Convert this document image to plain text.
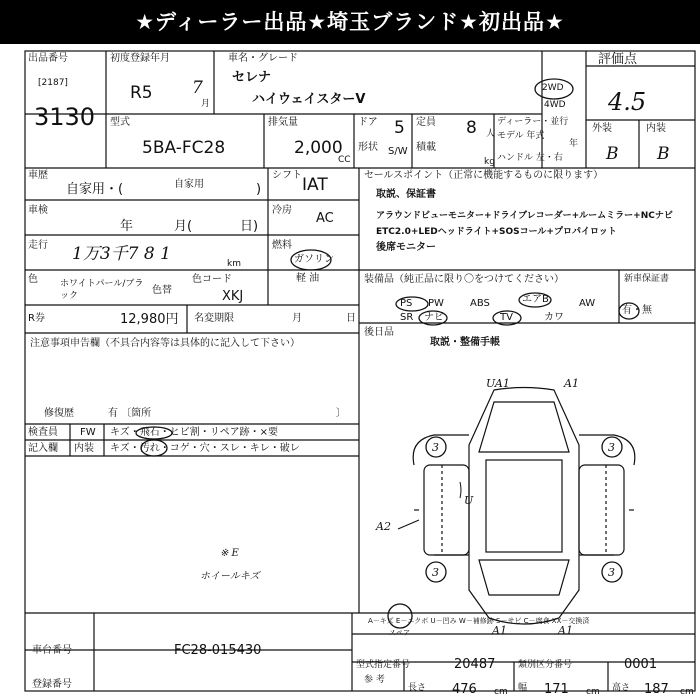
★ディーラー出品★埼玉ブランド★初出品★
出品番号
[2187]
3130
初度登録年月
R5 7
月
車名・グレード
セレナ
ハイウェイスターV
2WD
4WD
評価点
4.5
型式
5BA-FC28
排気量
2,000
CC
ドア 5
形状 S/W
定員 8 人
積載
kg
ディーラー・並行
モデル 年式
年
ハンドル 左・右
外装	内装
B B
車歴
自家用・(	自家用	)
シフト IAT
車検
年	月(	日)
冷房
AC
走行 1万3千7 8 1	km
燃料
ガソリン
軽 油
色 ホワイトパール/ブラック	色替
色コード
XKJ
R券	12,980円 名変期限	月	日
セールスポイント（正常に機能するものに限ります）
取説、保証書
アラウンドビューモニター+ドライブレコーダー+ルームミラー+NCナビ
ETC2.0+LEDヘッドライト+SOSコール+プロパイロット
後席モニター
装備品（純正品に限り〇をつけてください）	新車保証書
PS PW	ABS	エアB	AW
SR ナビ	TV	カワ
有・無
後日品
取説・整備手帳
注意事項申告欄（不具合内容等は具体的に記入して下さい）
修復歴	有 〔箇所	〕
検査員 FW キズ・飛石・ヒビ割・リペア跡・×要
記入欄 内装 キズ・汚れ・コゲ・穴・スレ・キレ・破レ
※ E
ホイールキズ
UA1	A1
3	3
3	3
A2
U
A1	A1
スペア
車台番号	FC28-015430
登録番号
A－キズ E－エクボ U－凹み W－補修跡 S－サビ C－腐食 XX－交換済
型式指定番号	20487	類別区分番号	0001
参 考
長さ 476 cm 幅 171 cm 高さ 187 cm
